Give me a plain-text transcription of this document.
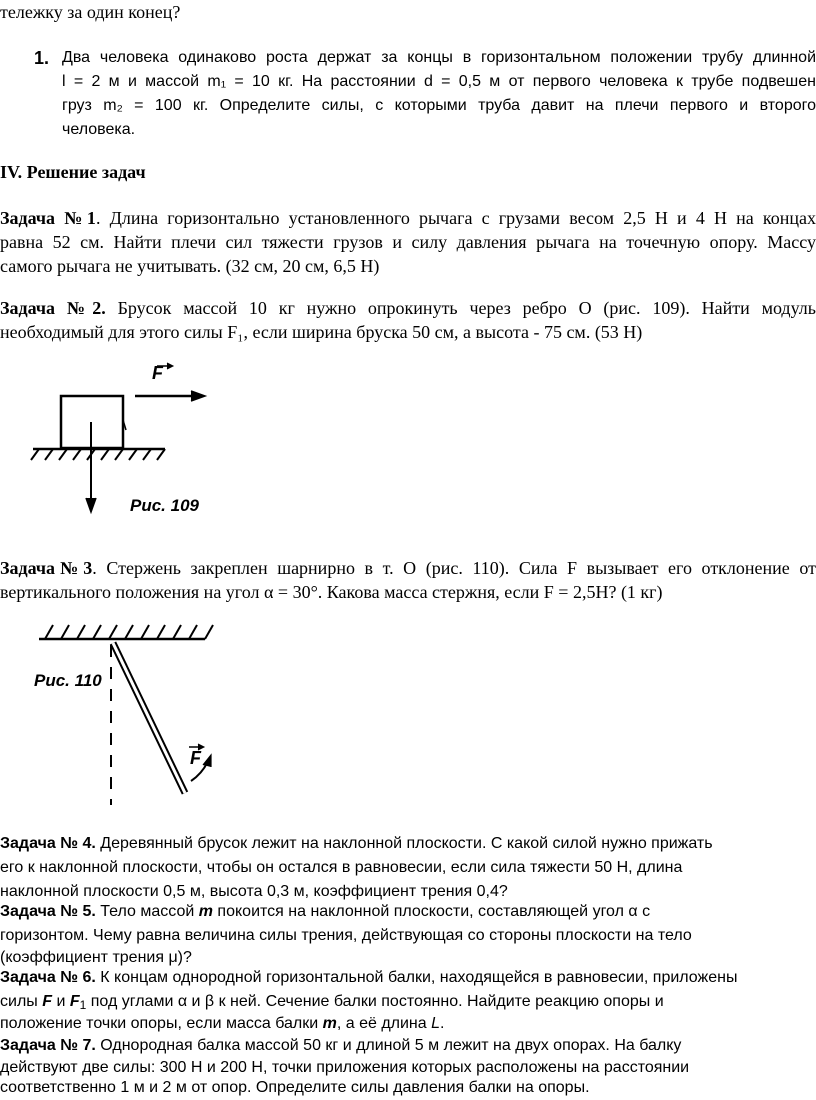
тележку за один конец?

1. Два человека одинаково роста держат за концы в горизонтальном положении трубу длинной

l = 2 м и массой m₁ = 10 кг. На расстоянии d = 0,5 м от первого человека к трубе подвешен

груз m₂ = 100 кг. Определите силы, с которыми труба давит на плечи первого и второго

человека.

IV. Решение задач

Задача №1. Длина горизонтально установленного рычага с грузами весом 2,5 Н и 4 Н на концах

равна 52 см. Найти плечи сил тяжести грузов и силу давления рычага на точечную опору. Массу

самого рычага не учитывать. (32 см, 20 см, 6,5 Н)

Задача №2. Брусок массой 10 кг нужно опрокинуть через ребро О (рис. 109). Найти модуль

необходимый для этого силы F₁, если ширина бруска 50 см, а высота - 75 см. (53 Н)

F
Рис. 109

Задача№3. Стержень закреплен шарнирно в т. О (рис. 110). Сила F вызывает его отклонение от

вертикального положения на угол α = 30°. Какова масса стержня, если F = 2,5Н? (1 кг)

F
Рис. 110

Задача № 4. Деревянный брусок лежит на наклонной плоскости. С какой силой нужно прижать

его к наклонной плоскости, чтобы он остался в равновесии, если сила тяжести 50 Н, длина

наклонной плоскости 0,5 м, высота 0,3 м, коэффициент трения 0,4?

Задача № 5. Тело массой m покоится на наклонной плоскости, составляющей угол α с

горизонтом. Чему равна величина силы трения, действующая со стороны плоскости на тело

(коэффициент трения μ)?

Задача № 6. К концам однородной горизонтальной балки, находящейся в равновесии, приложены

силы F и $F_1$ под углами α и β к ней. Сечение балки постоянно. Найдите реакцию опоры и

положение точки опоры, если масса балки m, а её длина L.

Задача № 7. Однородная балка массой 50 кг и длиной 5 м лежит на двух опорах. На балку

действуют две силы: 300 Н и 200 Н, точки приложения которых расположены на расстоянии

соответственно 1 м и 2 м от опор. Определите силы давления балки на опоры.
